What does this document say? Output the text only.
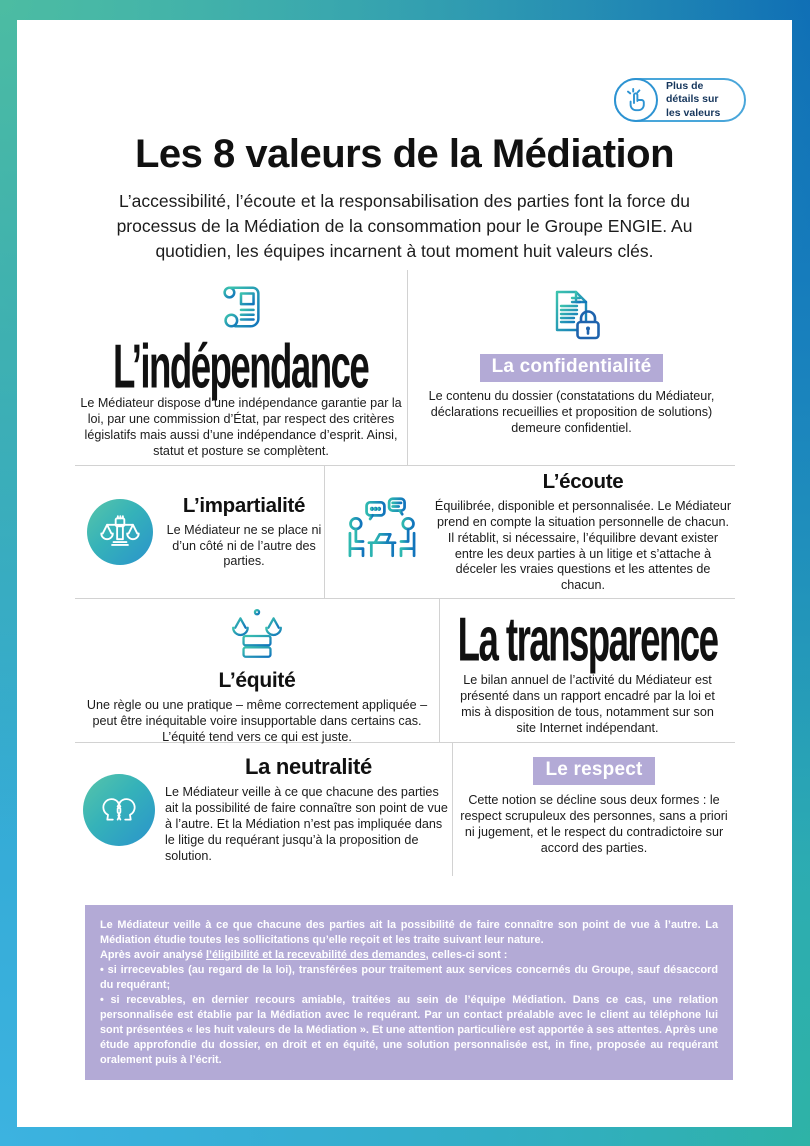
Plus de détails sur les valeurs
Les 8 valeurs de la Médiation

L’accessibilité, l’écoute et la responsabilisation des parties font la force du processus de la Médiation de la consommation pour le Groupe ENGIE. Au quotidien, les équipes incarnent à tout moment huit valeurs clés.

L’indépendance

Le Médiateur dispose d’une indépendance garantie par la loi, par une commission d’État, par respect des critères législatifs mais aussi d’une indépendance d’esprit. Ainsi, statut et posture se complètent.

La confidentialité

Le contenu du dossier (constatations du Médiateur, déclarations recueillies et proposition de solutions) demeure confidentiel.

L’impartialité

Le Médiateur ne se place ni d’un côté ni de l’autre des parties.

L’écoute

Équilibrée, disponible et personnalisée. Le Médiateur prend en compte la situation personnelle de chacun. Il rétablit, si nécessaire, l’équilibre devant exister entre les deux parties à un litige et s’attache à déceler les vraies questions et les attentes de chacun.

L’équité

Une règle ou une pratique – même correctement appliquée – peut être inéquitable voire insupportable dans certains cas. L’équité tend vers ce qui est juste.

La transparence

Le bilan annuel de l’activité du Médiateur est présenté dans un rapport encadré par la loi et mis à disposition de tous, notamment sur son site Internet indépendant.

La neutralité

Le Médiateur veille à ce que chacune des parties ait la possibilité de faire connaître son point de vue à l’autre. Et la Médiation n’est pas impliquée dans le litige du requérant jusqu’à la proposition de solution.

Le respect

Cette notion se décline sous deux formes : le respect scrupuleux des personnes, sans a priori ni jugement, et le respect du contradictoire sur accord des parties.

Le Médiateur veille à ce que chacune des parties ait la possibilité de faire connaître son point de vue à l’autre. La Médiation étudie toutes les sollicitations qu’elle reçoit et les traite suivant leur nature.

Après avoir analysé l’éligibilité et la recevabilité des demandes, celles-ci sont :

• si irrecevables (au regard de la loi), transférées pour traitement aux services concernés du Groupe, sauf désaccord du requérant;

• si recevables, en dernier recours amiable, traitées au sein de l’équipe Médiation. Dans ce cas, une relation personnalisée est établie par la Médiation avec le requérant. Par un contact préalable avec le client au téléphone lui sont présentées « les huit valeurs de la Médiation ». Et une attention particulière est apportée à ses attentes. Après une étude approfondie du dossier, en droit et en équité, une solution personnalisée est, in fine, proposée au requérant oralement puis à l’écrit.
